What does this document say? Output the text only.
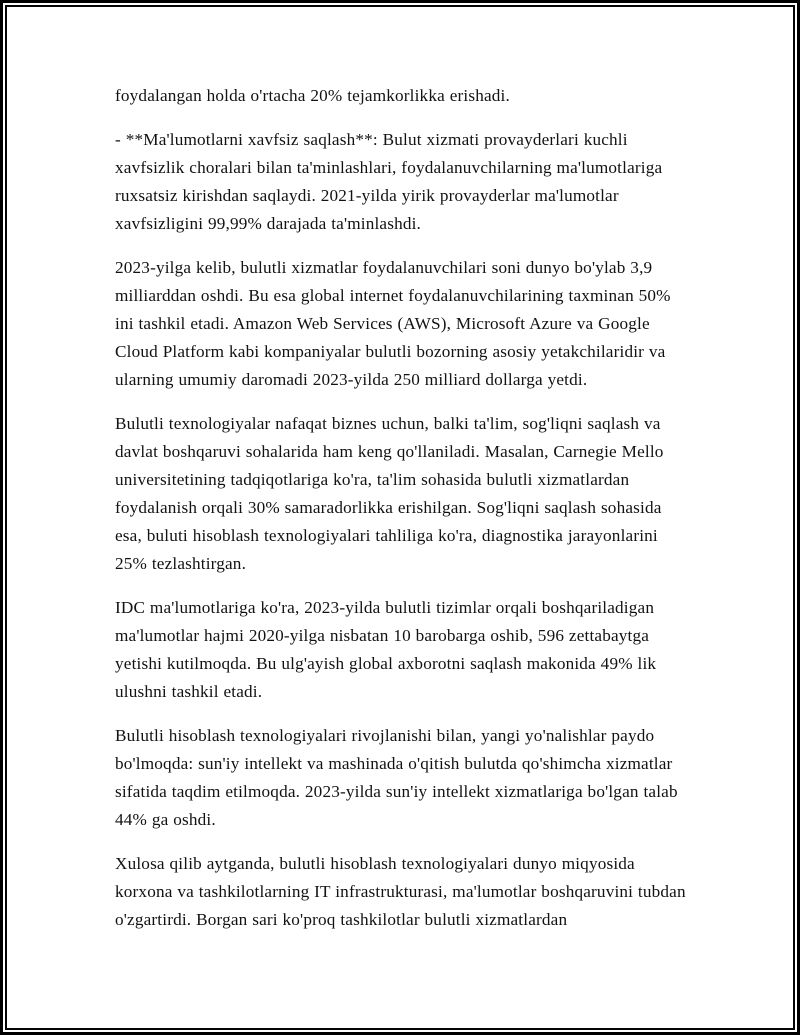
foydalangan holda o'rtacha 20% tejamkorlikka erishadi.

- **Ma'lumotlarni xavfsiz saqlash**: Bulut xizmati provayderlari kuchli xavfsizlik choralari bilan ta'minlashlari, foydalanuvchilarning ma'lumotlariga ruxsatsiz kirishdan saqlaydi. 2021-yilda yirik provayderlar ma'lumotlar xavfsizligini 99,99% darajada ta'minlashdi.

2023-yilga kelib, bulutli xizmatlar foydalanuvchilari soni dunyo bo'ylab 3,9 milliarddan oshdi. Bu esa global internet foydalanuvchilarining taxminan 50% ini tashkil etadi. Amazon Web Services (AWS), Microsoft Azure va Google Cloud Platform kabi kompaniyalar bulutli bozorning asosiy yetakchilaridir va ularning umumiy daromadi 2023-yilda 250 milliard dollarga yetdi.

Bulutli texnologiyalar nafaqat biznes uchun, balki ta'lim, sog'liqni saqlash va davlat boshqaruvi sohalarida ham keng qo'llaniladi. Masalan, Carnegie Mello universitetining tadqiqotlariga ko'ra, ta'lim sohasida bulutli xizmatlardan foydalanish orqali 30% samaradorlikka erishilgan. Sog'liqni saqlash sohasida esa, buluti hisoblash texnologiyalari tahliliga ko'ra, diagnostika jarayonlarini 25% tezlashtirgan.

IDC ma'lumotlariga ko'ra, 2023-yilda bulutli tizimlar orqali boshqariladigan ma'lumotlar hajmi 2020-yilga nisbatan 10 barobarga oshib, 596 zettabaytga yetishi kutilmoqda. Bu ulg'ayish global axborotni saqlash makonida 49% lik ulushni tashkil etadi.

Bulutli hisoblash texnologiyalari rivojlanishi bilan, yangi yo'nalishlar paydo bo'lmoqda: sun'iy intellekt va mashinada o'qitish bulutda qo'shimcha xizmatlar sifatida taqdim etilmoqda. 2023-yilda sun'iy intellekt xizmatlariga bo'lgan talab 44% ga oshdi.

Xulosa qilib aytganda, bulutli hisoblash texnologiyalari dunyo miqyosida korxona va tashkilotlarning IT infrastrukturasi, ma'lumotlar boshqaruvini tubdan o'zgartirdi. Borgan sari ko'proq tashkilotlar bulutli xizmatlardan
